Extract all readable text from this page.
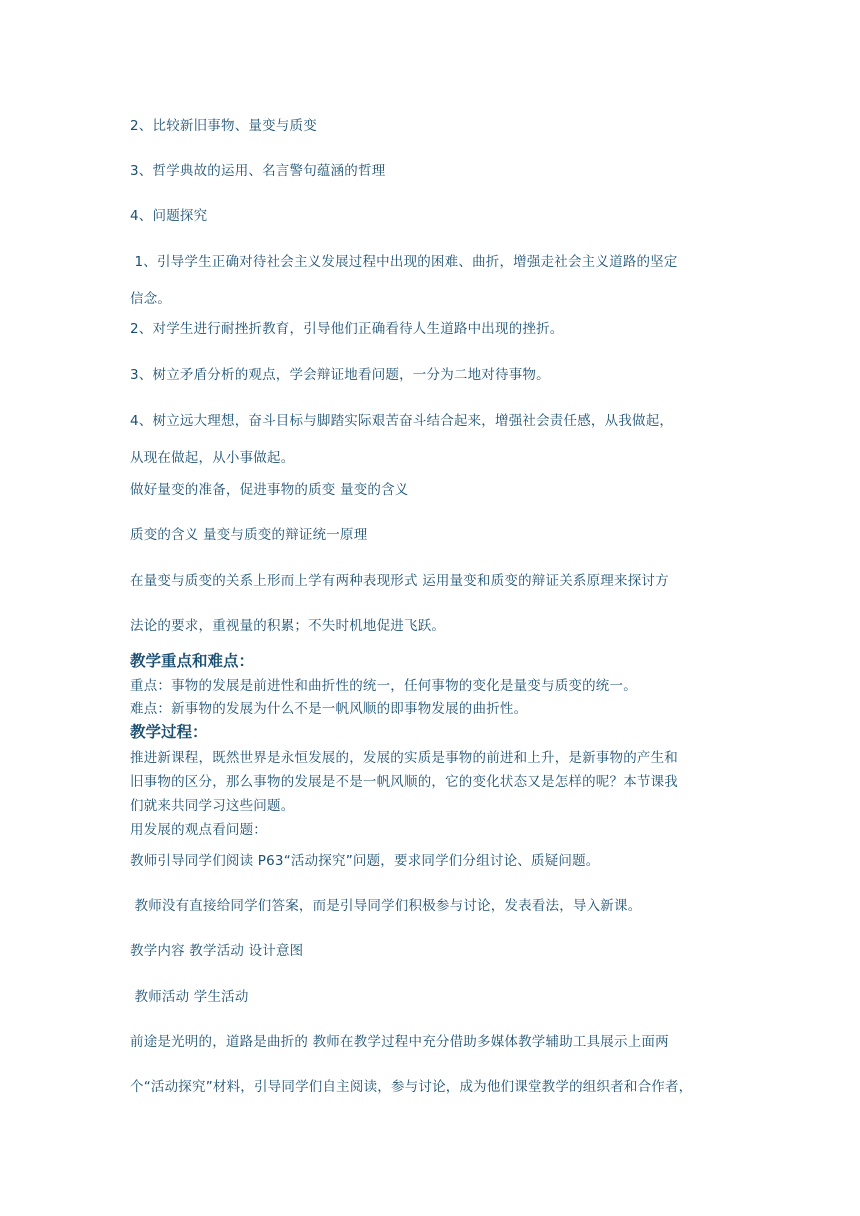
2、比较新旧事物、量变与质变
3、哲学典故的运用、名言警句蕴涵的哲理
4、问题探究
1、引导学生正确对待社会主义发展过程中出现的困难、曲折，增强走社会主义道路的坚定
信念。
2、对学生进行耐挫折教育，引导他们正确看待人生道路中出现的挫折。
3、树立矛盾分析的观点，学会辩证地看问题，一分为二地对待事物。
4、树立远大理想，奋斗目标与脚踏实际艰苦奋斗结合起来，增强社会责任感，从我做起，
从现在做起，从小事做起。
做好量变的准备，促进事物的质变 量变的含义
质变的含义 量变与质变的辩证统一原理
在量变与质变的关系上形而上学有两种表现形式 运用量变和质变的辩证关系原理来探讨方
法论的要求，重视量的积累；不失时机地促进飞跃。
教学重点和难点：
重点：事物的发展是前进性和曲折性的统一，任何事物的变化是量变与质变的统一。
难点：新事物的发展为什么不是一帆风顺的即事物发展的曲折性。
教学过程：
推进新课程，既然世界是永恒发展的，发展的实质是事物的前进和上升，是新事物的产生和
旧事物的区分，那么事物的发展是不是一帆风顺的，它的变化状态又是怎样的呢？本节课我
们就来共同学习这些问题。
用发展的观点看问题：
教师引导同学们阅读 P63“活动探究”问题，要求同学们分组讨论、质疑问题。
教师没有直接给同学们答案，而是引导同学们积极参与讨论，发表看法，导入新课。
教学内容 教学活动 设计意图
教师活动 学生活动
前途是光明的，道路是曲折的 教师在教学过程中充分借助多媒体教学辅助工具展示上面两
个“活动探究”材料，引导同学们自主阅读，参与讨论，成为他们课堂教学的组织者和合作者，
